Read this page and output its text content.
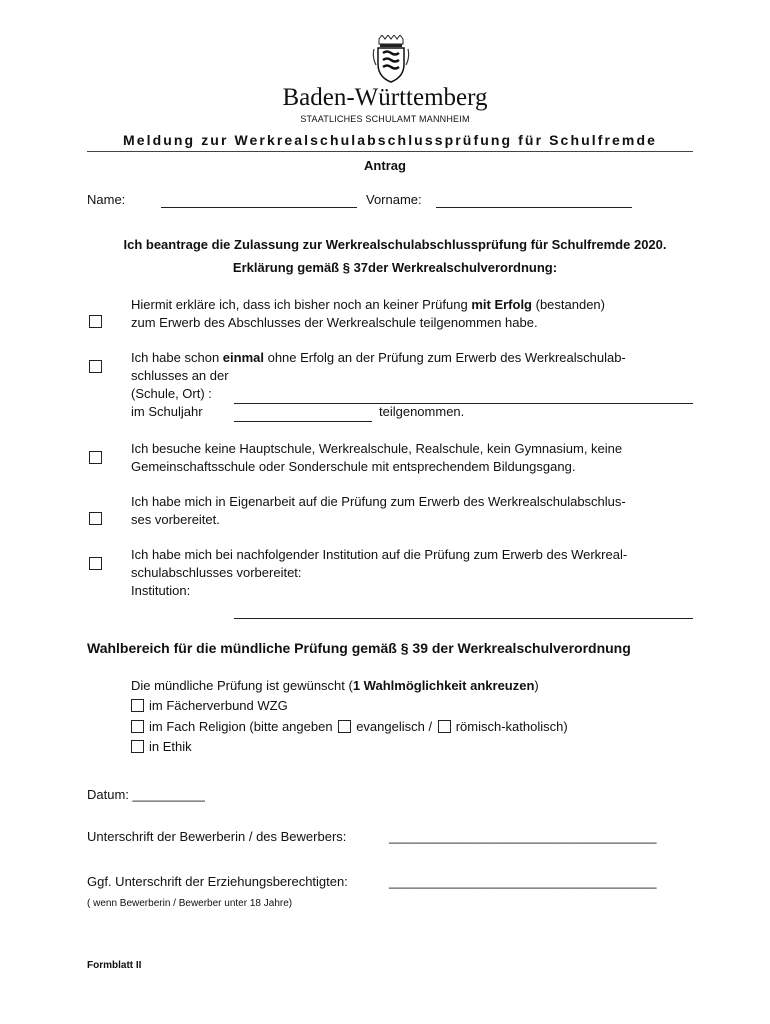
Baden-Württemberg
STAATLICHES SCHULAMT MANNHEIM
Meldung zur Werkrealschulabschlussprüfung für Schulfremde
Antrag
Name:	Vorname:
Ich beantrage die Zulassung zur Werkrealschulabschlussprüfung für Schulfremde 2020.
Erklärung gemäß § 37der Werkrealschulverordnung:
Hiermit erkläre ich, dass ich bisher noch an keiner Prüfung mit Erfolg (bestanden)
zum Erwerb des Abschlusses der Werkrealschule teilgenommen habe.
Ich habe schon einmal ohne Erfolg an der Prüfung zum Erwerb des Werkrealschulab-
schlusses an der
(Schule, Ort) :
im Schuljahr	teilgenommen.
Ich besuche keine Hauptschule, Werkrealschule, Realschule, kein Gymnasium, keine
Gemeinschaftsschule oder Sonderschule mit entsprechendem Bildungsgang.
Ich habe mich in Eigenarbeit auf die Prüfung zum Erwerb des Werkrealschulabschlus-
ses vorbereitet.
Ich habe mich bei nachfolgender Institution auf die Prüfung zum Erwerb des Werkreal-
schulabschlusses vorbereitet:
Institution:
Wahlbereich für die mündliche Prüfung gemäß § 39 der Werkrealschulverordnung
Die mündliche Prüfung ist gewünscht (1 Wahlmöglichkeit ankreuzen)
im Fächerverbund WZG
im Fach Religion (bitte angeben evangelisch / römisch-katholisch)
in Ethik
Datum: __________
Unterschrift der Bewerberin / des Bewerbers:	_____________________________________
Ggf. Unterschrift der Erziehungsberechtigten:	_____________________________________
( wenn Bewerberin / Bewerber unter 18 Jahre)
Formblatt II
